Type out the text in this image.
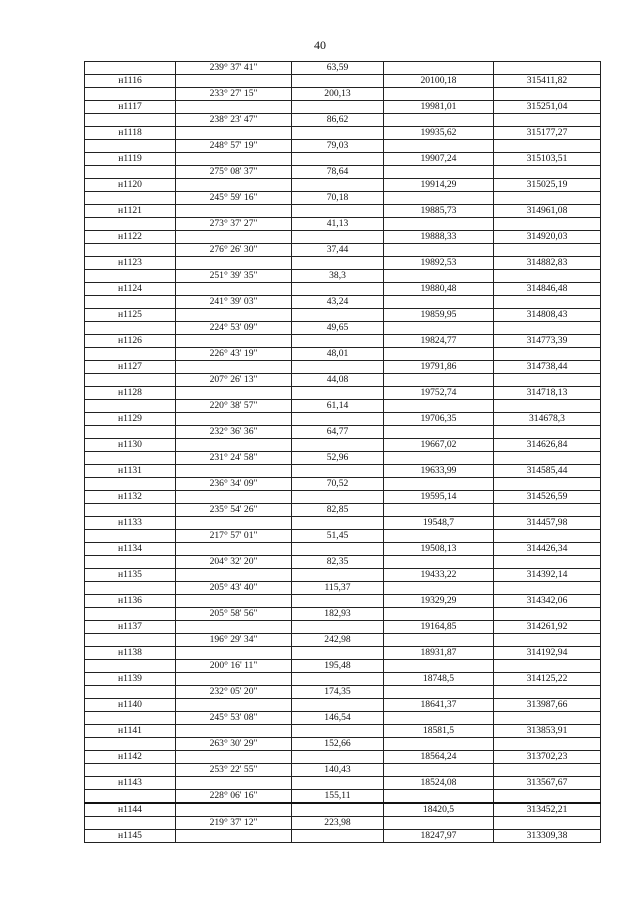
40
	239° 37' 41"	63,59		
н1116			20100,18	315411,82
	233° 27' 15"	200,13		
н1117			19981,01	315251,04
	238° 23' 47"	86,62		
н1118			19935,62	315177,27
	248° 57' 19"	79,03		
н1119			19907,24	315103,51
	275° 08' 37"	78,64		
н1120			19914,29	315025,19
	245° 59' 16"	70,18		
н1121			19885,73	314961,08
	273° 37' 27"	41,13		
н1122			19888,33	314920,03
	276° 26' 30"	37,44		
н1123			19892,53	314882,83
	251° 39' 35"	38,3		
н1124			19880,48	314846,48
	241° 39' 03"	43,24		
н1125			19859,95	314808,43
	224° 53' 09"	49,65		
н1126			19824,77	314773,39
	226° 43' 19"	48,01		
н1127			19791,86	314738,44
	207° 26' 13"	44,08		
н1128			19752,74	314718,13
	220° 38' 57"	61,14		
н1129			19706,35	314678,3
	232° 36' 36"	64,77		
н1130			19667,02	314626,84
	231° 24' 58"	52,96		
н1131			19633,99	314585,44
	236° 34' 09"	70,52		
н1132			19595,14	314526,59
	235° 54' 26"	82,85		
н1133			19548,7	314457,98
	217° 57' 01"	51,45		
н1134			19508,13	314426,34
	204° 32' 20"	82,35		
н1135			19433,22	314392,14
	205° 43' 40"	115,37		
н1136			19329,29	314342,06
	205° 58' 56"	182,93		
н1137			19164,85	314261,92
	196° 29' 34"	242,98		
н1138			18931,87	314192,94
	200° 16' 11"	195,48		
н1139			18748,5	314125,22
	232° 05' 20"	174,35		
н1140			18641,37	313987,66
	245° 53' 08"	146,54		
н1141			18581,5	313853,91
	263° 30' 29"	152,66		
н1142			18564,24	313702,23
	253° 22' 55"	140,43		
н1143			18524,08	313567,67
	228° 06' 16"	155,11		
н1144			18420,5	313452,21
	219° 37' 12"	223,98		
н1145			18247,97	313309,38
